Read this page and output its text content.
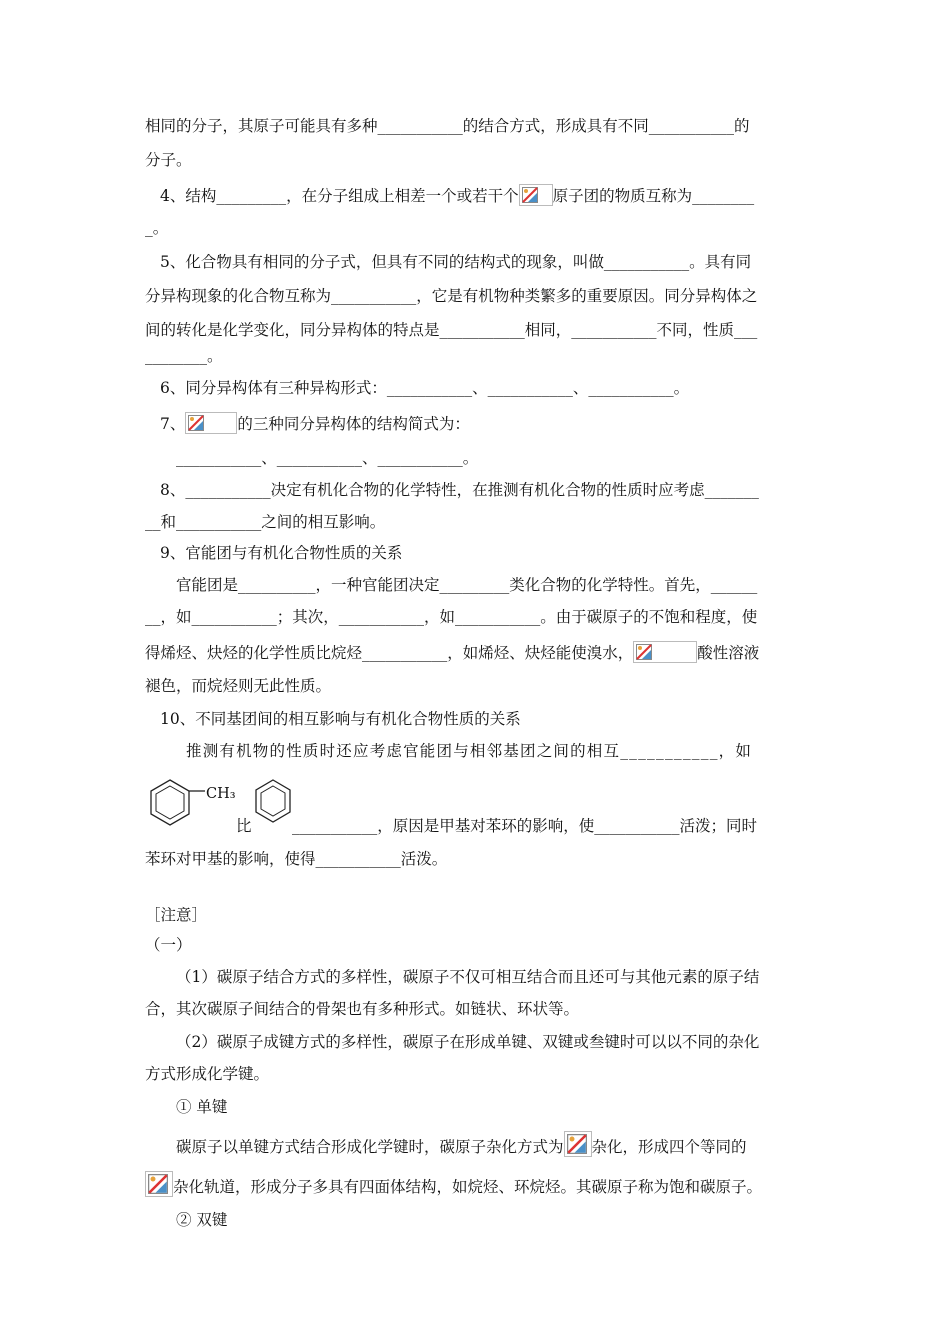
相同的分子，其原子可能具有多种___________的结合方式，形成具有不同___________的
分子。
4、结构_________，在分子组成上相差一个或若干个 原子团的物质互称为________
_。
5、化合物具有相同的分子式，但具有不同的结构式的现象，叫做___________。具有同
分异构现象的化合物互称为___________，它是有机物种类繁多的重要原因。同分异构体之
间的转化是化学变化，同分异构体的特点是___________相同，___________不同，性质___
________。
6、同分异构体有三种异构形式：___________、___________、___________。
7、	的三种同分异构体的结构简式为：
___________、___________、___________。
8、___________决定有机化合物的化学特性，在推测有机化合物的性质时应考虑_______
__和___________之间的相互影响。
9、官能团与有机化合物性质的关系
官能团是__________，一种官能团决定_________类化合物的化学特性。首先，______
__，如___________；其次，___________，如___________。由于碳原子的不饱和程度，使
得烯烃、炔烃的化学性质比烷烃___________，如烯烃、炔烃能使溴水，	酸性溶液
褪色，而烷烃则无此性质。
10、不同基团间的相互影响与有机化合物性质的关系
推测有机物的性质时还应考虑官能团与相邻基团之间的相互___________，如
CH₃
比	___________，原因是甲基对苯环的影响，使___________活泼；同时
苯环对甲基的影响，使得___________活泼。
［注意］
（一）
（1）碳原子结合方式的多样性，碳原子不仅可相互结合而且还可与其他元素的原子结
合，其次碳原子间结合的骨架也有多种形式。如链状、环状等。
（2）碳原子成键方式的多样性，碳原子在形成单键、双键或叁键时可以以不同的杂化
方式形成化学键。
① 单键
碳原子以单键方式结合形成化学键时，碳原子杂化方式为 杂化，形成四个等同的
杂化轨道，形成分子多具有四面体结构，如烷烃、环烷烃。其碳原子称为饱和碳原子。
② 双键
